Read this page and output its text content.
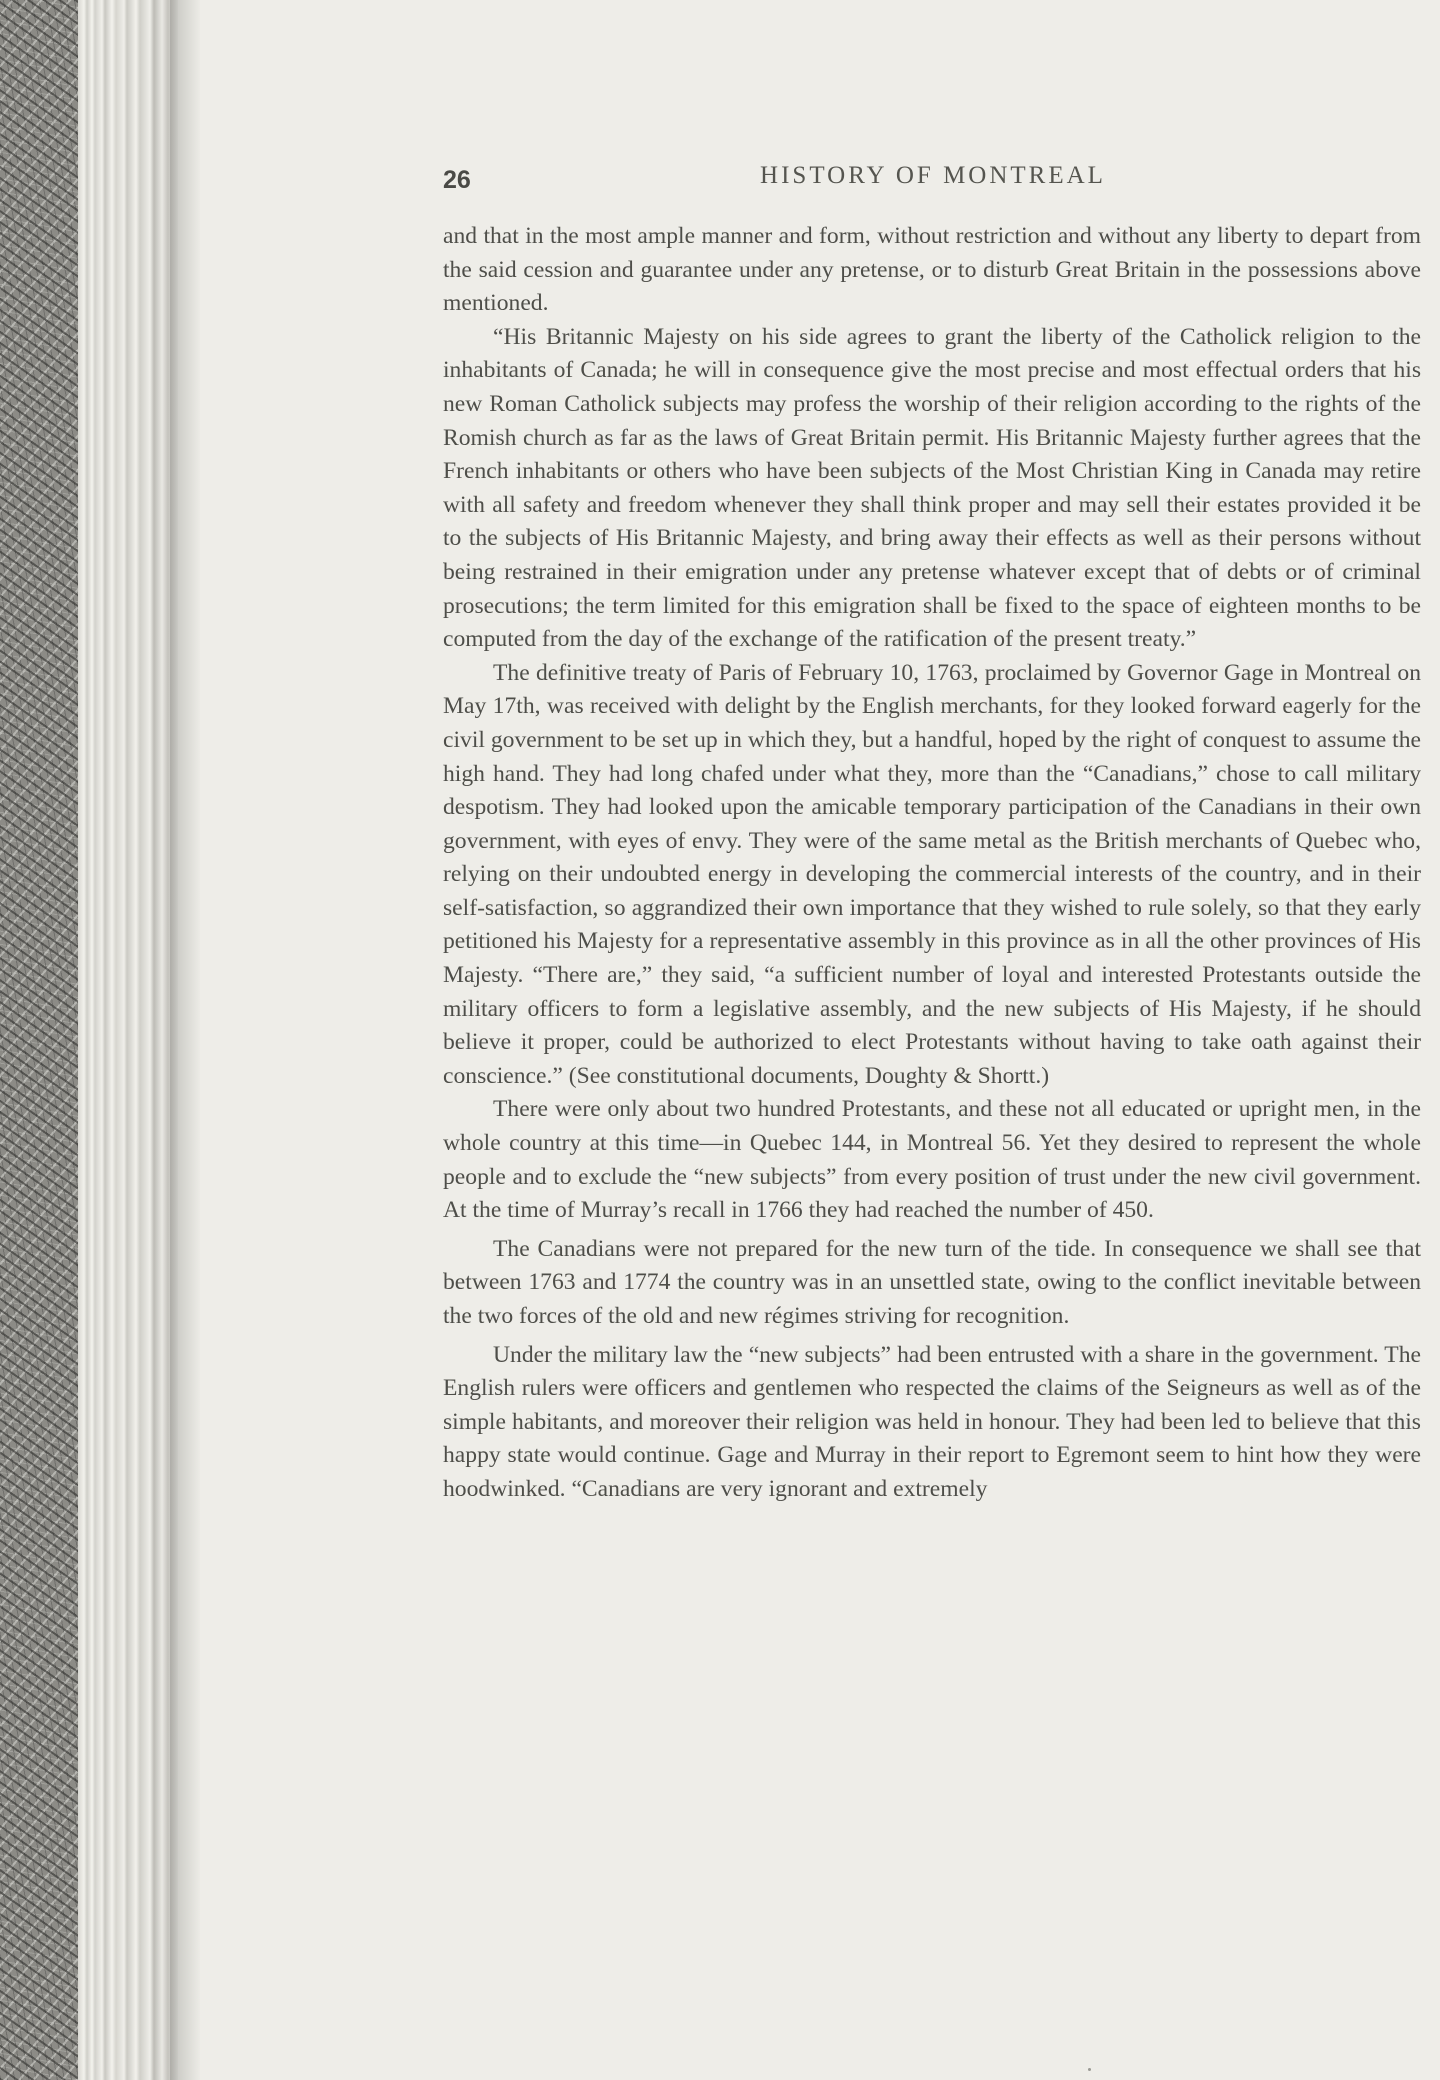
26	HISTORY OF MONTREAL

and that in the most ample manner and form, without restriction and without any liberty to depart from the said cession and guarantee under any pretense, or to disturb Great Britain in the possessions above mentioned.

“His Britannic Majesty on his side agrees to grant the liberty of the Catholick religion to the inhabitants of Canada; he will in consequence give the most precise and most effectual orders that his new Roman Catholick subjects may profess the worship of their religion according to the rights of the Romish church as far as the laws of Great Britain permit. His Britannic Majesty further agrees that the French inhabitants or others who have been subjects of the Most Christian King in Canada may retire with all safety and freedom whenever they shall think proper and may sell their estates provided it be to the subjects of His Britannic Majesty, and bring away their effects as well as their persons without being restrained in their emigration under any pretense whatever except that of debts or of criminal prosecutions; the term limited for this emigration shall be fixed to the space of eighteen months to be computed from the day of the exchange of the ratification of the present treaty.”

The definitive treaty of Paris of February 10, 1763, proclaimed by Governor Gage in Montreal on May 17th, was received with delight by the English merchants, for they looked forward eagerly for the civil government to be set up in which they, but a handful, hoped by the right of conquest to assume the high hand. They had long chafed under what they, more than the “Canadians,” chose to call military despotism. They had looked upon the amicable temporary participation of the Canadians in their own government, with eyes of envy. They were of the same metal as the British merchants of Quebec who, relying on their undoubted energy in developing the commercial interests of the country, and in their self-satisfaction, so aggrandized their own importance that they wished to rule solely, so that they early petitioned his Majesty for a representative assembly in this province as in all the other provinces of His Majesty. “There are,” they said, “a sufficient number of loyal and interested Protestants outside the military officers to form a legislative assembly, and the new subjects of His Majesty, if he should believe it proper, could be authorized to elect Protestants without having to take oath against their conscience.” (See constitutional documents, Doughty & Shortt.)

There were only about two hundred Protestants, and these not all educated or upright men, in the whole country at this time—in Quebec 144, in Montreal 56. Yet they desired to represent the whole people and to exclude the “new subjects” from every position of trust under the new civil government. At the time of Murray’s recall in 1766 they had reached the number of 450.

The Canadians were not prepared for the new turn of the tide. In consequence we shall see that between 1763 and 1774 the country was in an unsettled state, owing to the conflict inevitable between the two forces of the old and new régimes striving for recognition.

Under the military law the “new subjects” had been entrusted with a share in the government. The English rulers were officers and gentlemen who respected the claims of the Seigneurs as well as of the simple habitants, and moreover their religion was held in honour. They had been led to believe that this happy state would continue. Gage and Murray in their report to Egremont seem to hint how they were hoodwinked. “Canadians are very ignorant and extremely
